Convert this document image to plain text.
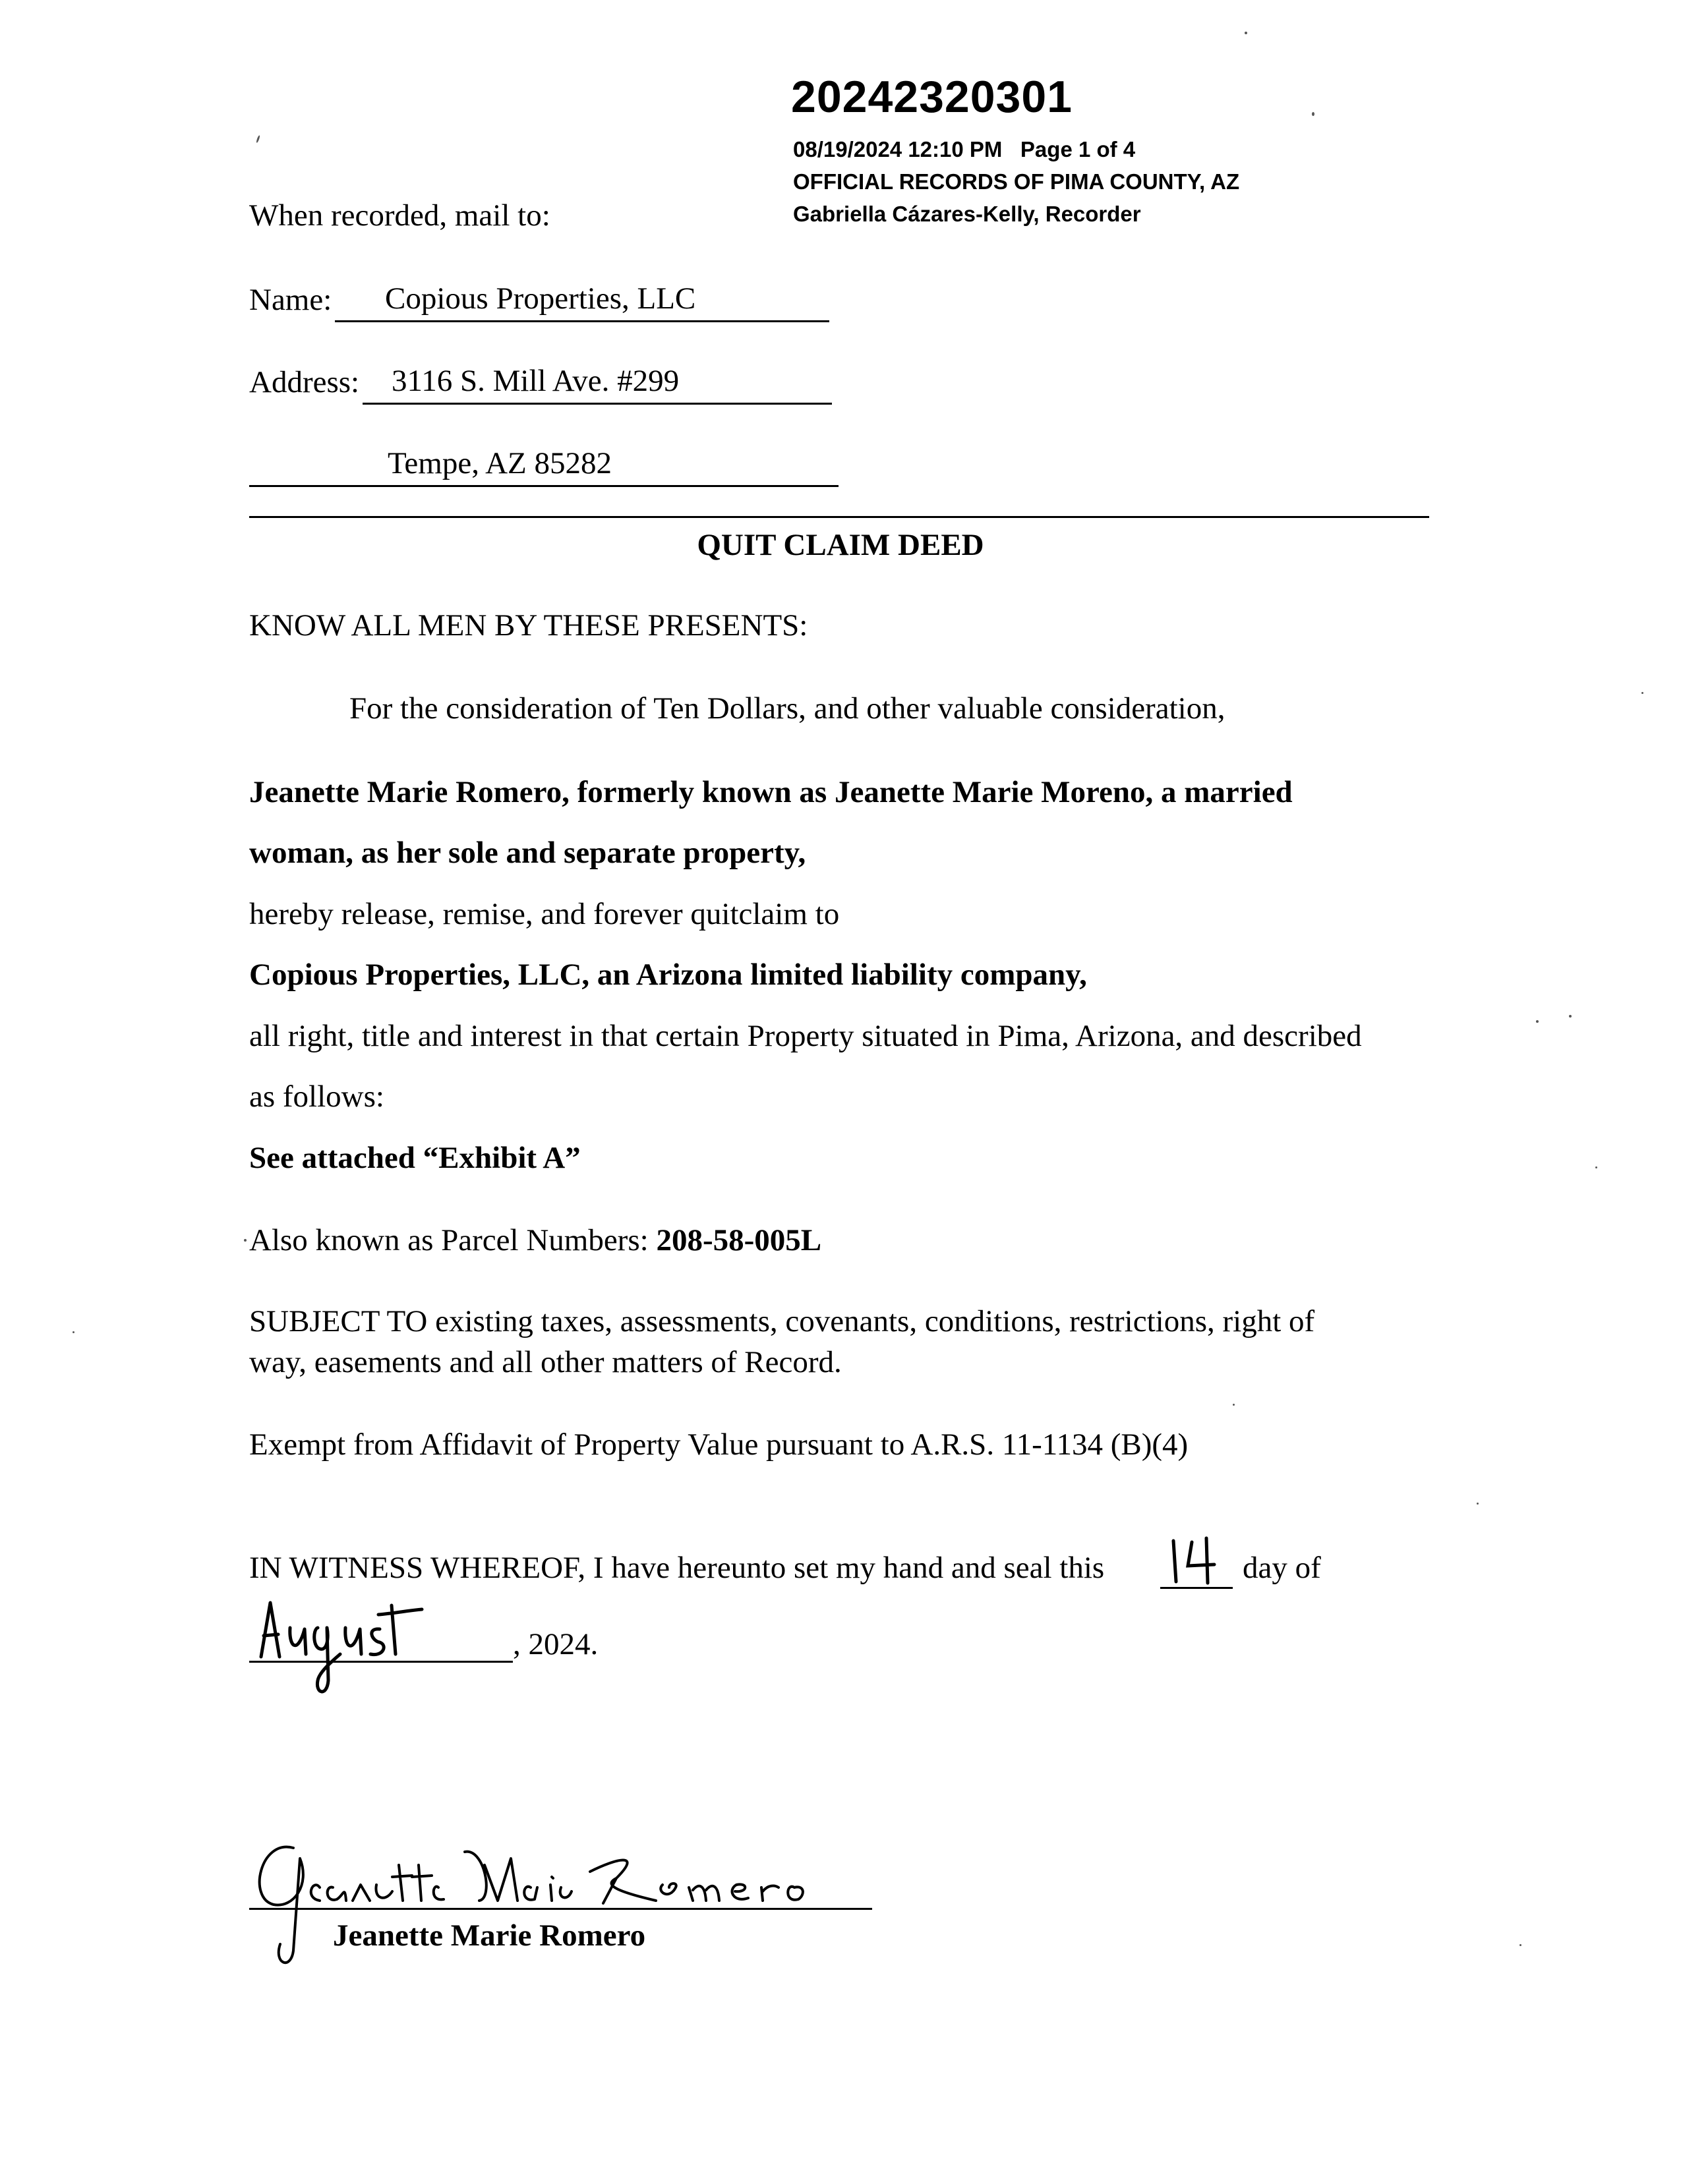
20242320301
08/19/2024 12:10 PM Page 1 of 4
OFFICIAL RECORDS OF PIMA COUNTY, AZ
Gabriella Cázares-Kelly, Recorder
When recorded, mail to:
Name: Copious Properties, LLC
Address: 3116 S. Mill Ave. #299
Tempe, AZ 85282
QUIT CLAIM DEED
KNOW ALL MEN BY THESE PRESENTS:
For the consideration of Ten Dollars, and other valuable consideration,
Jeanette Marie Romero, formerly known as Jeanette Marie Moreno, a married
woman, as her sole and separate property,
hereby release, remise, and forever quitclaim to
Copious Properties, LLC, an Arizona limited liability company,
all right, title and interest in that certain Property situated in Pima, Arizona, and described
as follows:
See attached “Exhibit A”
Also known as Parcel Numbers: 208-58-005L
SUBJECT TO existing taxes, assessments, covenants, conditions, restrictions, right of
way, easements and all other matters of Record.
Exempt from Affidavit of Property Value pursuant to A.R.S. 11-1134 (B)(4)
IN WITNESS WHEREOF, I have hereunto set my hand and seal this	day of
, 2024.
Jeanette Marie Romero
